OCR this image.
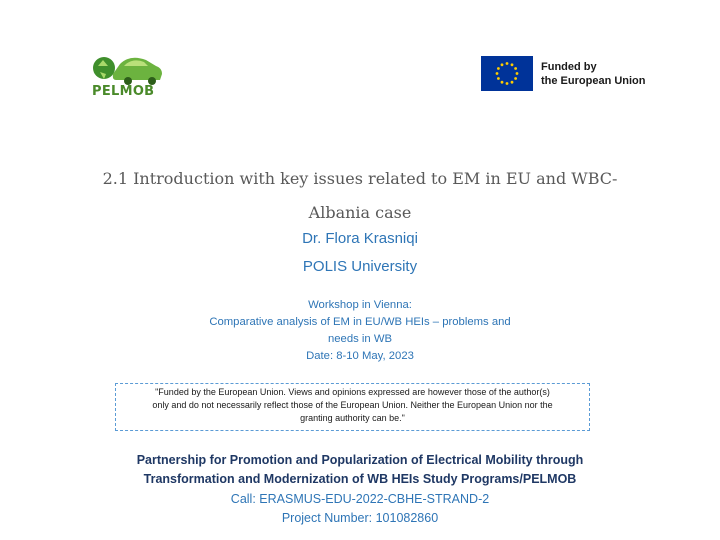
PELMOB
Funded by
the European Union
2.1 Introduction with key issues related to EM in EU and WBC-
Albania case
Dr. Flora Krasniqi
POLIS University
Workshop in Vienna:
Comparative analysis of EM in EU/WB HEIs – problems and
needs in WB
Date: 8-10 May, 2023
"Funded by the European Union. Views and opinions expressed are however those of the author(s)
only and do not necessarily reflect those of the European Union. Neither the European Union nor the
granting authority can be."
Partnership for Promotion and Popularization of Electrical Mobility through
Transformation and Modernization of WB HEIs Study Programs/PELMOB
Call: ERASMUS-EDU-2022-CBHE-STRAND-2
Project Number: 101082860
